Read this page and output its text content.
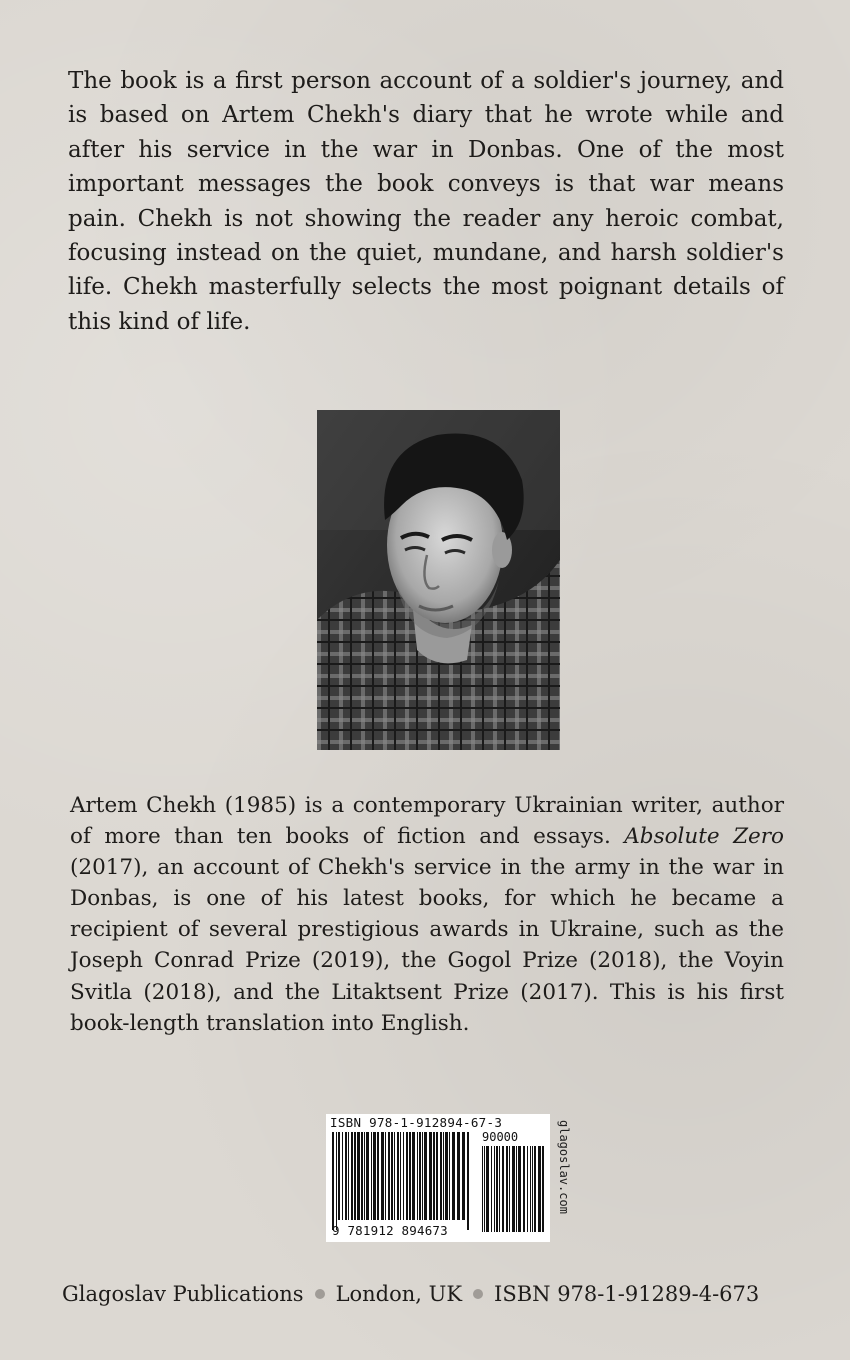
The book is a first person account of a soldier's journey, and is based on Artem Chekh's diary that he wrote while and after his service in the war in Donbas. One of the most important messages the book conveys is that war means pain. Chekh is not showing the reader any heroic combat, focusing instead on the quiet, mundane, and harsh soldier's life. Chekh masterfully selects the most poignant details of this kind of life.

Artem Chekh (1985) is a contemporary Ukrainian writer, author of more than ten books of fiction and essays. Absolute Zero (2017), an account of Chekh's service in the army in the war in Donbas, is one of his latest books, for which he became a recipient of several prestigious awards in Ukraine, such as the Joseph Conrad Prize (2019), the Gogol Prize (2018), the Voyin Svitla (2018), and the Litaktsent Prize (2017). This is his first book-length translation into English.

ISBN 978-1-912894-67-3
90000
9 781912 894673
glagoslav.com
Glagoslav Publications London, UK ISBN 978-1-91289-4-673
